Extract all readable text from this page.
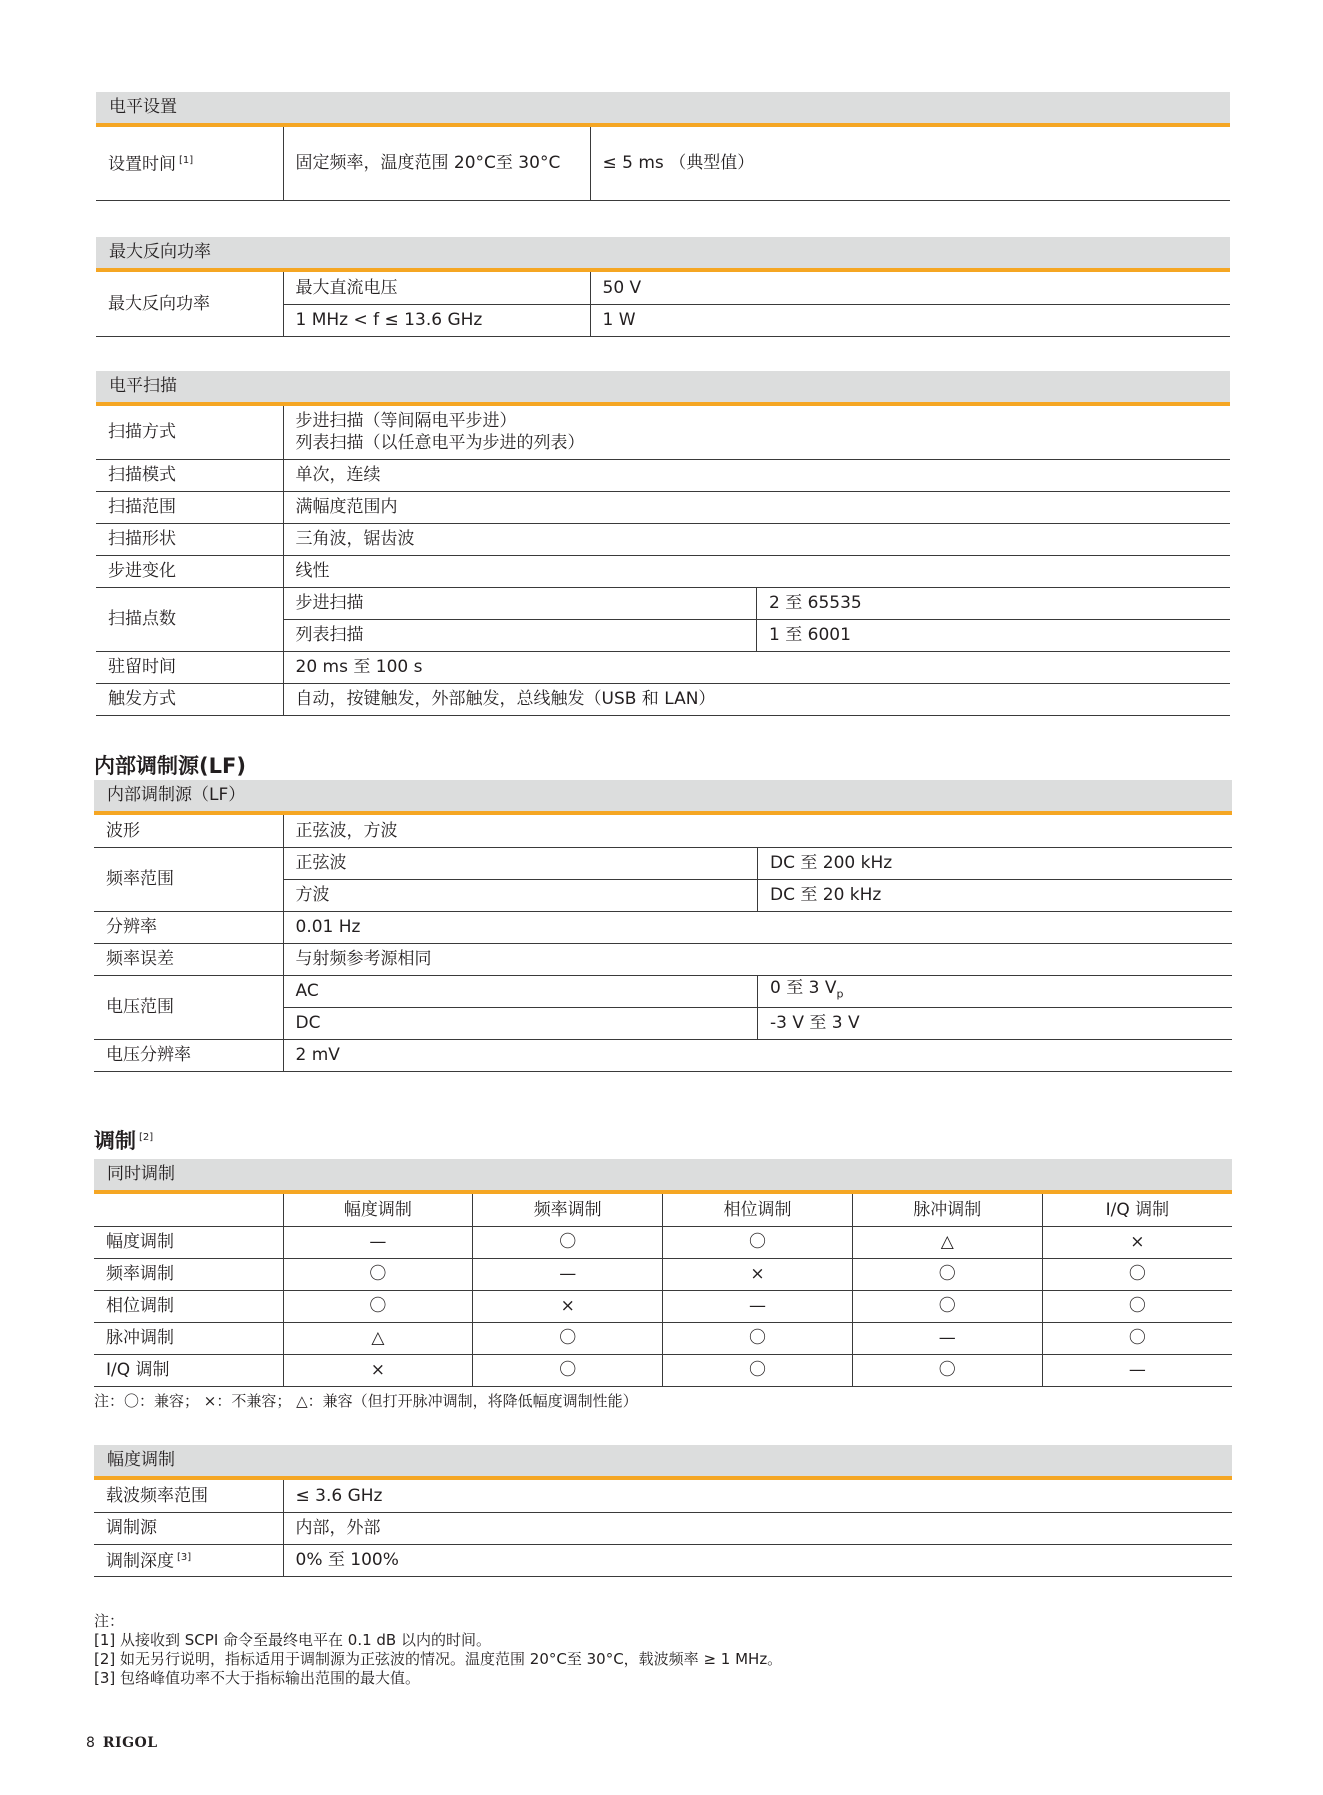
电平设置
设置时间 [1]	固定频率，温度范围 20°C至 30°C	≤ 5 ms （典型值）
最大反向功率
最大反向功率	最大直流电压	50 V
	1 MHz < f ≤ 13.6 GHz	1 W
电平扫描
扫描方式	步进扫描（等间隔电平步进）
列表扫描（以任意电平为步进的列表）	

扫描模式	单次，连续	
扫描范围	满幅度范围内	
扫描形状	三角波，锯齿波	
步进变化	线性	
扫描点数	步进扫描	2 至 65535
	列表扫描	1 至 6001
驻留时间	20 ms 至 100 s	
触发方式	自动，按键触发，外部触发，总线触发（USB 和 LAN）	
内部调制源(LF)
内部调制源（LF）
波形	正弦波，方波	
频率范围	正弦波	DC 至 200 kHz
	方波	DC 至 20 kHz
分辨率	0.01 Hz	
频率误差	与射频参考源相同	
电压范围	AC	0 至 3 $V_p$
	DC	-3 V 至 3 V
电压分辨率	2 mV	
调制 [2]
同时调制
	幅度调制	频率调制	相位调制	脉冲调制	I/Q 调制
幅度调制	—	〇	〇	△	×
频率调制	〇	—	×	〇	〇
相位调制	〇	×	—	〇	〇
脉冲调制	△	〇	〇	—	〇
I/Q 调制	×	〇	〇	〇	—
注：〇：兼容； ×：不兼容； △：兼容（但打开脉冲调制，将降低幅度调制性能）
幅度调制
载波频率范围	≤ 3.6 GHz
调制源	内部，外部
调制深度 [3]	0% 至 100%
注：
[1] 从接收到 SCPI 命令至最终电平在 0.1 dB 以内的时间。
[2] 如无另行说明，指标适用于调制源为正弦波的情况。温度范围 20°C至 30°C，载波频率 ≥ 1 MHz。
[3] 包络峰值功率不大于指标输出范围的最大值。
8 RIGOL
